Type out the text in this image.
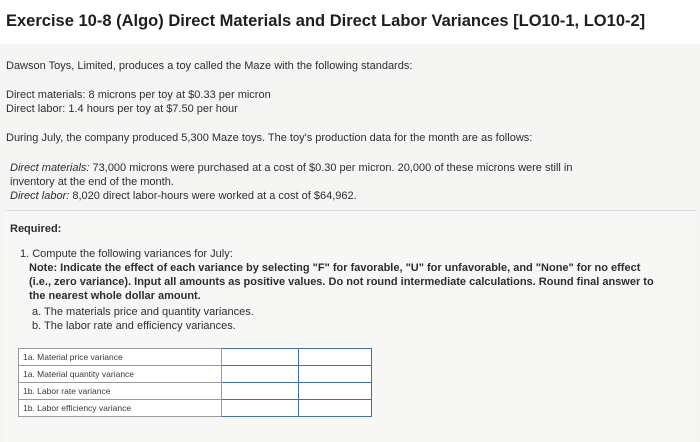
Exercise 10-8 (Algo) Direct Materials and Direct Labor Variances [LO10-1, LO10-2]
Dawson Toys, Limited, produces a toy called the Maze with the following standards:
Direct materials: 8 microns per toy at $0.33 per micron
Direct labor: 1.4 hours per toy at $7.50 per hour
During July, the company produced 5,300 Maze toys. The toy's production data for the month are as follows:
Direct materials: 73,000 microns were purchased at a cost of $0.30 per micron. 20,000 of these microns were still in
inventory at the end of the month.
Direct labor: 8,020 direct labor-hours were worked at a cost of $64,962.
Required:
1. Compute the following variances for July:
Note: Indicate the effect of each variance by selecting "F" for favorable, "U" for unfavorable, and "None" for no effect
(i.e., zero variance). Input all amounts as positive values. Do not round intermediate calculations. Round final answer to
the nearest whole dollar amount.
a. The materials price and quantity variances.
b. The labor rate and efficiency variances.
1a. Material price variance		
1a. Material quantity variance		
1b. Labor rate variance		
1b. Labor efficiency variance		
